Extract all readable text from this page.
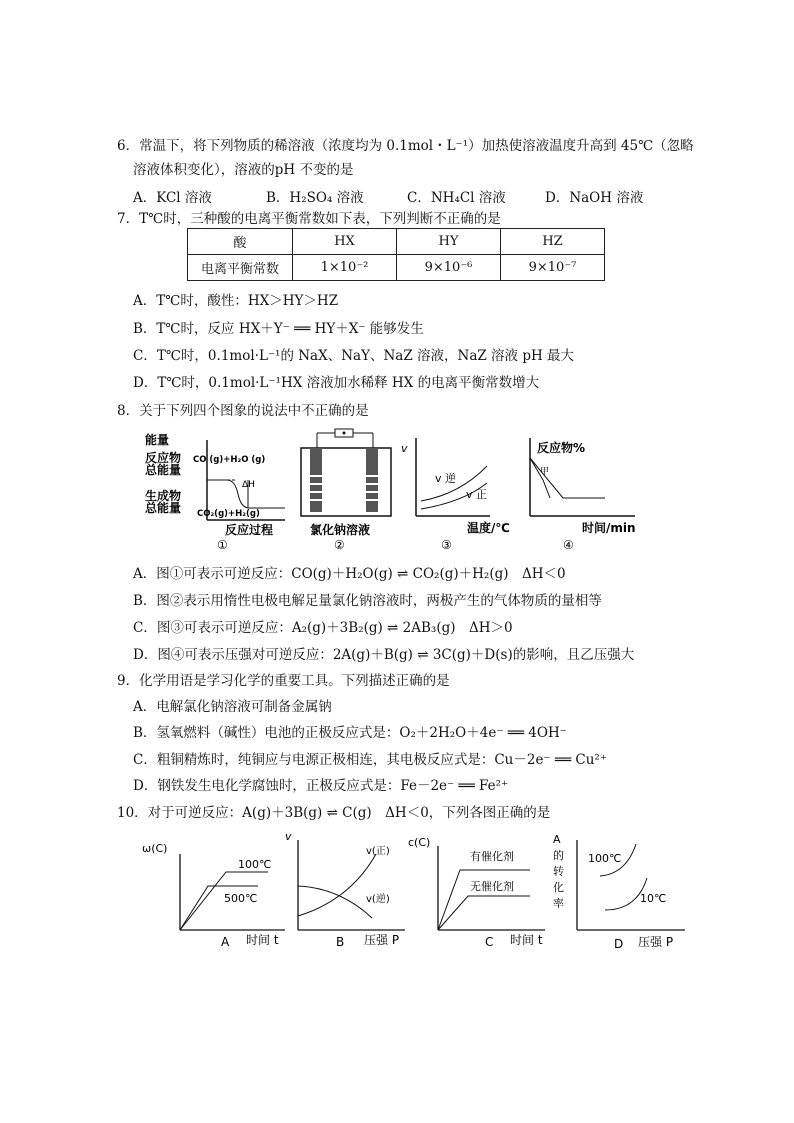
6．常温下，将下列物质的稀溶液（浓度均为 0.1mol・L⁻¹）加热使溶液温度升高到 45℃（忽略
溶液体积变化），溶液的pH 不变的是
A．KCl 溶液	B．H₂SO₄ 溶液	C．NH₄Cl 溶液	D．NaOH 溶液
7．T℃时，三种酸的电离平衡常数如下表，下列判断不正确的是
酸	HX	HY	HZ
电离平衡常数	1×10⁻²	9×10⁻⁶	9×10⁻⁷
A．T℃时，酸性：HX＞HY＞HZ
B．T℃时，反应 HX＋Y⁻ ══ HY＋X⁻ 能够发生
C．T℃时，0.1mol·L⁻¹的 NaX、NaY、NaZ 溶液，NaZ 溶液 pH 最大
D．T℃时，0.1mol·L⁻¹HX 溶液加水稀释 HX 的电离平衡常数增大
8．关于下列四个图象的说法中不正确的是
能量
反应物
总能量
生成物
总能量
CO (g)+H₂O (g)
CO₂(g)+H₂(g)
ΔH
反应过程
①
氯化钠溶液
②
v
v 逆
v 正
温度/℃
③
反应物%
甲
时间/min
④
A．图①可表示可逆反应：CO(g)＋H₂O(g) ⇌ CO₂(g)＋H₂(g)　ΔH＜0
B．图②表示用惰性电极电解足量氯化钠溶液时，两极产生的气体物质的量相等
C．图③可表示可逆反应：A₂(g)＋3B₂(g) ⇌ 2AB₃(g)　ΔH＞0
D．图④可表示压强对可逆反应：2A(g)＋B(g) ⇌ 3C(g)＋D(s)的影响，且乙压强大
9．化学用语是学习化学的重要工具。下列描述正确的是
A．电解氯化钠溶液可制备金属钠
B．氢氧燃料（碱性）电池的正极反应式是：O₂＋2H₂O＋4e⁻ ══ 4OH⁻
C．粗铜精炼时，纯铜应与电源正极相连，其电极反应式是：Cu－2e⁻ ══ Cu²⁺
D．钢铁发生电化学腐蚀时，正极反应式是：Fe－2e⁻ ══ Fe²⁺
10．对于可逆反应：A(g)＋3B(g) ⇌ C(g)　ΔH＜0，下列各图正确的是
ω(C)
100℃
500℃
A 时间 t
v
v(正)
v(逆)
B 压强 P
c(C)
有催化剂
无催化剂
C 时间 t
A
的
转
化
率
100℃
10℃
D 压强 P
